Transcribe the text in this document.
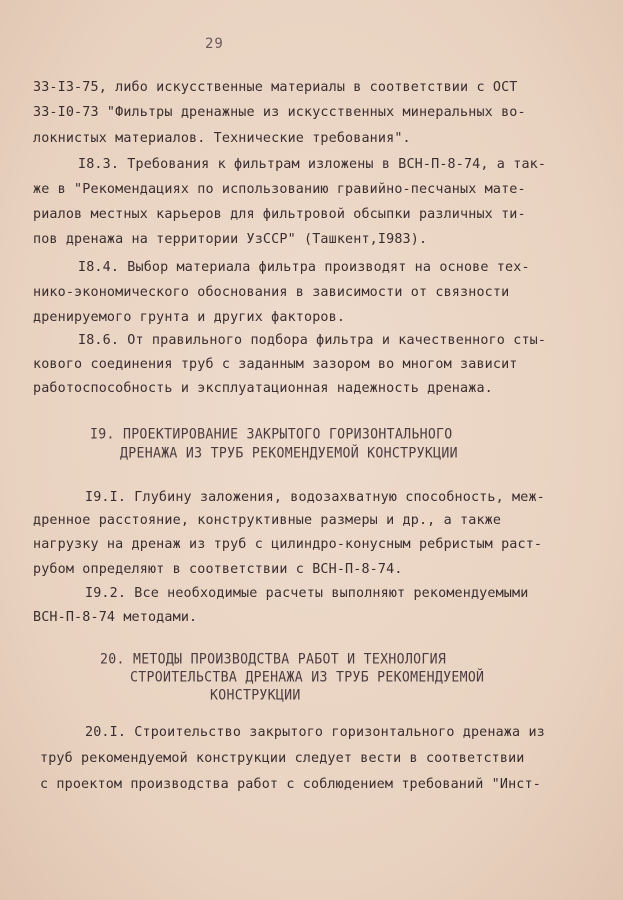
29
33-I3-75, либо искусственные материалы в соответствии с ОСТ
33-I0-73 "Фильтры дренажные из искусственных минеральных во-
локнистых материалов. Технические требования".
I8.3. Требования к фильтрам изложены в ВСН-П-8-74, а так-
же в "Рекомендациях по использованию гравийно-песчаных мате-
риалов местных карьеров для фильтровой обсыпки различных ти-
пов дренажа на территории УзССР" (Ташкент,I983).
I8.4. Выбор материала фильтра производят на основе тех-
нико-экономического обоснования в зависимости от связности
дренируемого грунта и других факторов.
I8.6. От правильного подбора фильтра и качественного сты-
кового соединения труб с заданным зазором во многом зависит
работоспособность и эксплуатационная надежность дренажа.
I9. ПРОЕКТИРОВАНИЕ ЗАКРЫТОГО ГОРИЗОНТАЛЬНОГО
ДРЕНАЖА ИЗ ТРУБ РЕКОМЕНДУЕМОЙ КОНСТРУКЦИИ
I9.I. Глубину заложения, водозахватную способность, меж-
дренное расстояние, конструктивные размеры и др., а также
нагрузку на дренаж из труб с цилиндро-конусным ребристым раст-
рубом определяют в соответствии с ВСН-П-8-74.
I9.2. Все необходимые расчеты выполняют рекомендуемыми
ВСН-П-8-74 методами.
20. МЕТОДЫ ПРОИЗВОДСТВА РАБОТ И ТЕХНОЛОГИЯ
СТРОИТЕЛЬСТВА ДРЕНАЖА ИЗ ТРУБ РЕКОМЕНДУЕМОЙ
КОНСТРУКЦИИ
20.I. Строительство закрытого горизонтального дренажа из
труб рекомендуемой конструкции следует вести в соответствии
с проектом производства работ с соблюдением требований "Инст-
